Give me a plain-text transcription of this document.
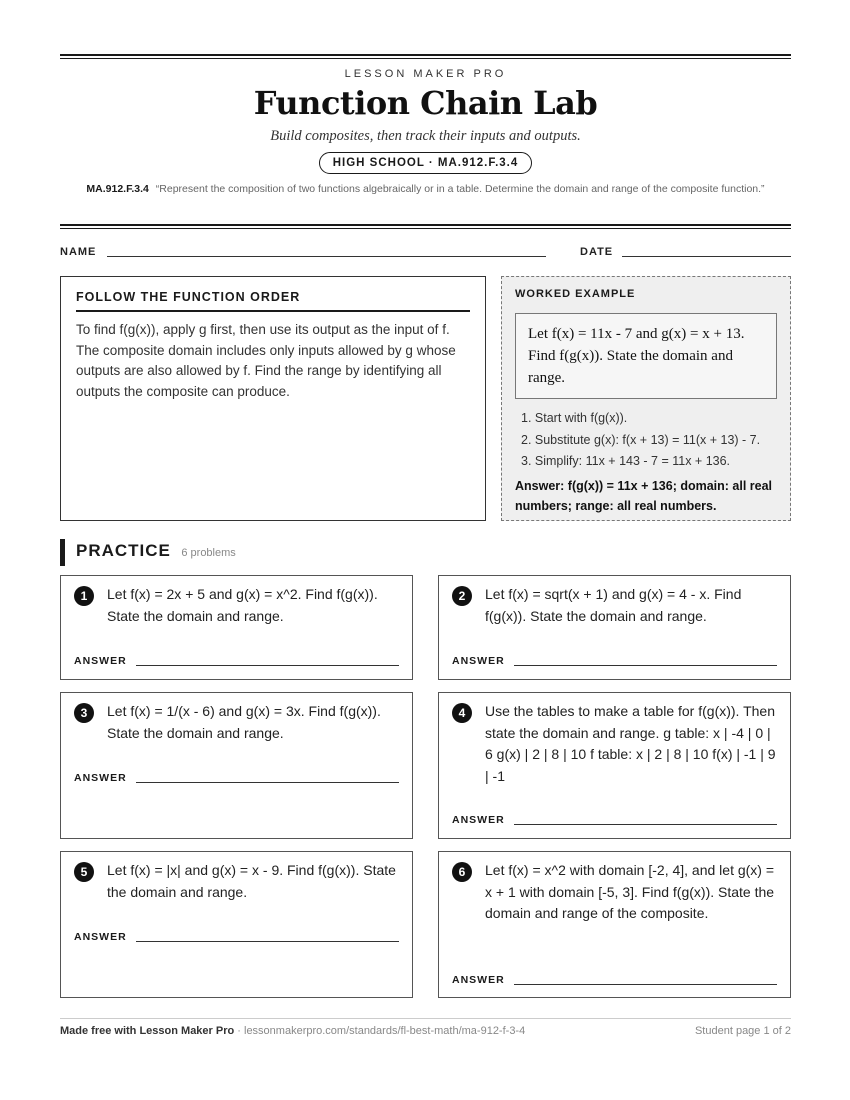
LESSON MAKER PRO
Function Chain Lab
Build composites, then track their inputs and outputs.
HIGH SCHOOL · MA.912.F.3.4
MA.912.F.3.4 “Represent the composition of two functions algebraically or in a table. Determine the domain and range of the composite function.”
NAME	DATE
FOLLOW THE FUNCTION ORDER
To find f(g(x)), apply g first, then use its output as the input of f. The composite domain includes only inputs allowed by g whose outputs are also allowed by f. Find the range by identifying all outputs the composite can produce.
WORKED EXAMPLE
Let f(x) = 11x - 7 and g(x) = x + 13. Find f(g(x)). State the domain and range.
1. Start with f(g(x)).
2. Substitute g(x): f(x + 13) = 11(x + 13) - 7.
3. Simplify: 11x + 143 - 7 = 11x + 136.
Answer: f(g(x)) = 11x + 136; domain: all real numbers; range: all real numbers.
PRACTICE 6 problems
1	Let f(x) = 2x + 5 and g(x) = x^2. Find f(g(x)). State the domain and range.
ANSWER
2	Let f(x) = sqrt(x + 1) and g(x) = 4 - x. Find f(g(x)). State the domain and range.
ANSWER
3	Let f(x) = 1/(x - 6) and g(x) = 3x. Find f(g(x)). State the domain and range.
ANSWER
4	Use the tables to make a table for f(g(x)). Then state the domain and range. g table: x | -4 | 0 | 6 g(x) | 2 | 8 | 10 f table: x | 2 | 8 | 10 f(x) | -1 | 9 | -1
ANSWER
5	Let f(x) = |x| and g(x) = x - 9. Find f(g(x)). State the domain and range.
ANSWER
6	Let f(x) = x^2 with domain [-2, 4], and let g(x) = x + 1 with domain [-5, 3]. Find f(g(x)). State the domain and range of the composite.
ANSWER
Made free with Lesson Maker Pro · lessonmakerpro.com/standards/fl-best-math/ma-912-f-3-4	Student page 1 of 2
